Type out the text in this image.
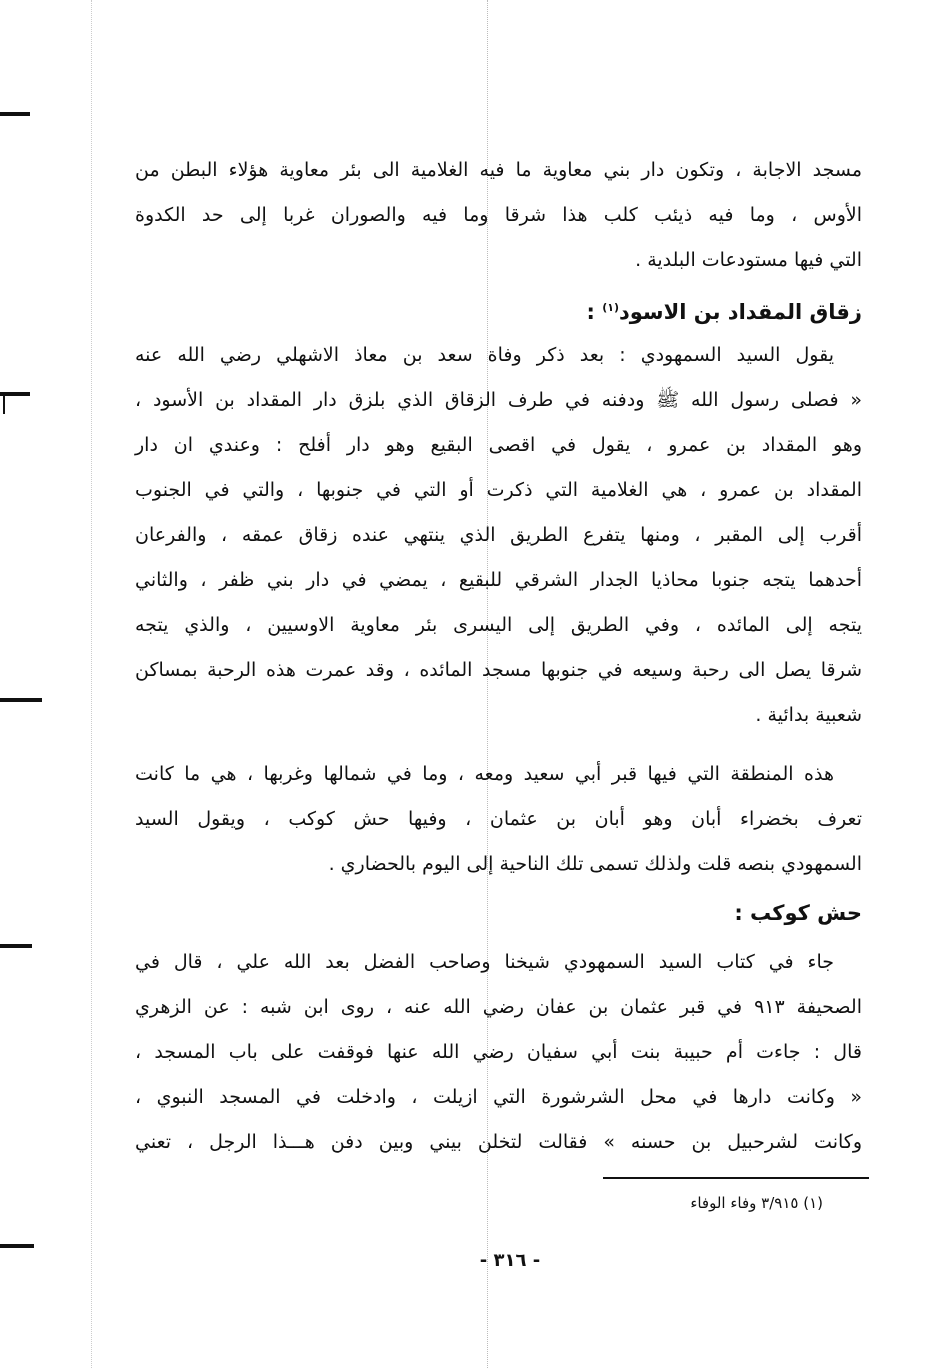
مسجد الاجابة ، وتكون دار بني معاوية ما فيه الغلامية الى بئر معاوية هؤلاء البطن من
الأوس ، وما فيه ذيئب كلب هذا شرقا وما فيه والصوران غربا إلى حد الكدوة
التي فيها مستودعات البلدية .
زقاق المقداد بن الاسود$^{(١)}$ :
يقول السيد السمهودي : بعد ذكر وفاة سعد بن معاذ الاشهلي رضي الله عنه
« فصلى رسول الله ﷺ ودفنه في طرف الزقاق الذي بلزق دار المقداد بن الأسود ،
وهو المقداد بن عمرو ، يقول في اقصى البقيع وهو دار أفلح : وعندي ان دار
المقداد بن عمرو ، هي الغلامية التي ذكرت أو التي في جنوبها ، والتي في الجنوب
أقرب إلى المقبر ، ومنها يتفرع الطريق الذي ينتهي عنده زقاق عمقه ، والفرعان
أحدهما يتجه جنوبا محاذيا الجدار الشرقي للبقيع ، يمضي في دار بني ظفر ، والثاني
يتجه إلى المائده ، وفي الطريق إلى اليسرى بئر معاوية الاوسيين ، والذي يتجه
شرقا يصل الى رحبة وسيعه في جنوبها مسجد المائده ، وقد عمرت هذه الرحبة بمساكن
شعبية بدائية .
هذه المنطقة التي فيها قبر أبي سعيد ومعه ، وما في شمالها وغربها ، هي ما كانت
تعرف بخضراء أبان وهو أبان بن عثمان ، وفيها حش كوكب ، ويقول السيد
السمهودي بنصه قلت ولذلك تسمى تلك الناحية إلى اليوم بالحضاري .
حش كوكب :
جاء في كتاب السيد السمهودي شيخنا وصاحب الفضل بعد الله علي ، قال في
الصحيفة ٩١٣ في قبر عثمان بن عفان رضي الله عنه ، روى ابن شبه : عن الزهري
قال : جاءت أم حبيبة بنت أبي سفيان رضي الله عنها فوقفت على باب المسجد ،
« وكانت دارها في محل الشرشورة التي ازيلت ، وادخلت في المسجد النبوي ،
وكانت لشرحبيل بن حسنه » فقالت لتخلن بيني وبين دفن هـــذا الرجل ، تعني
(١) ٣/٩١٥ وفاء الوفاء
- ٣١٦ -
